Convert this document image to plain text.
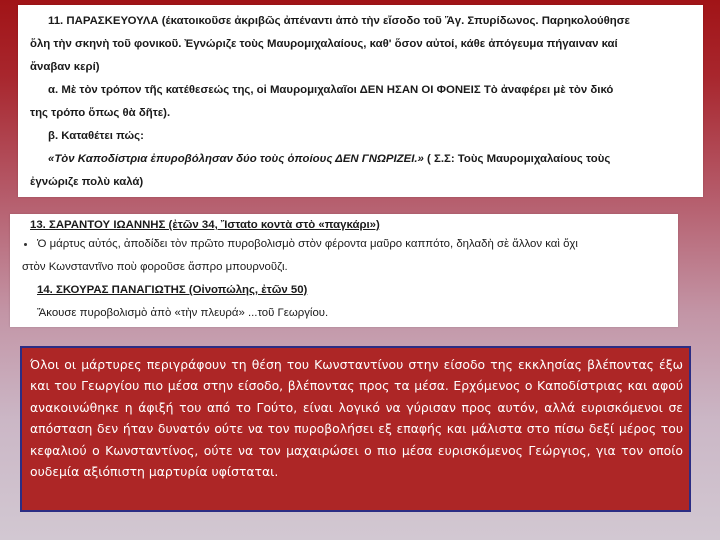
11. ΠΑΡΑΣΚΕΥΟΥΛΑ (έκατοικοῦσε ἀκριβῶς ἀπέναντι ἀπὸ τὴν εἴσοδο τοῦ Ἅγ. Σπυρίδωνος. Παρηκολούθησε
ὅλη τὴν σκηνὴ τοῦ φονικοῦ. Ἐγνώριζε τοὺς Μαυρομιχαλαίους, καθ' ὅσον αὐτοί, κάθε ἀπόγευμα πήγαιναν καί
ἄναβαν κερί)
α. Μὲ τὸν τρόπον τῆς κατέθεσεώς της, οἱ Μαυρομιχαλαῖοι ΔΕΝ ΗΣΑΝ ΟΙ ΦΟΝΕΙΣ Τὸ ἀναφέρει μὲ τὸν δικό
της τρόπο ὅπως θὰ δῆτε).
β. Καταθέτει πώς:
«Τὸν Καποδίστρια ἐπυροβόλησαν δύο τοὺς ὁποίους ΔΕΝ ΓΝΩΡΙΖΕΙ.» ( Σ.Σ: Τοὺς Μαυρομιχαλαίους τοὺς
ἐγνώριζε πολὺ καλά)
13. ΣΑΡΑΝΤΟΥ ΙΩΑΝΝΗΣ (ἐτῶν 34, Ἴσταto κοντὰ στὸ «παγκάρι»)
Ὁ μάρτυς αὐτός, ἀποδίδει τὸν πρῶτο πυροβολισμὸ στὸν φέροντα μαῦρο καππότο, δηλαδὴ σὲ ἄλλον καὶ ὄχι
στὸν Κωνσταντῖνο ποὺ φοροῦσε ἄσπρο μπουρνοῦζι.
14. ΣΚΟΥΡΑΣ ΠΑΝΑΓΙΩΤΗΣ (Οἰνοπώλης, ἐτῶν 50)
Ἄκουσε πυροβολισμὸ ἀπὸ «τὴν πλευρά» ...τοῦ Γεωργίου.
Όλοι οι μάρτυρες περιγράφουν τη θέση του Κωνσταντίνου στην είσοδο της εκκλησίας βλέποντας έξω και του Γεωργίου πιο μέσα στην είσοδο, βλέποντας προς τα μέσα. Ερχόμενος ο Καποδίστριας και αφού ανακοινώθηκε η άφιξή του από το Γούτο, είναι λογικό να γύρισαν προς αυτόν, αλλά ευρισκόμενοι σε απόσταση δεν ήταν δυνατόν ούτε να τον πυροβολήσει εξ επαφής και μάλιστα στο πίσω δεξί μέρος του κεφαλιού ο Κωνσταντίνος, ούτε να τον μαχαιρώσει ο πιο μέσα ευρισκόμενος Γεώργιος, για τον οποίο ουδεμία αξιόπιστη μαρτυρία υφίσταται.
